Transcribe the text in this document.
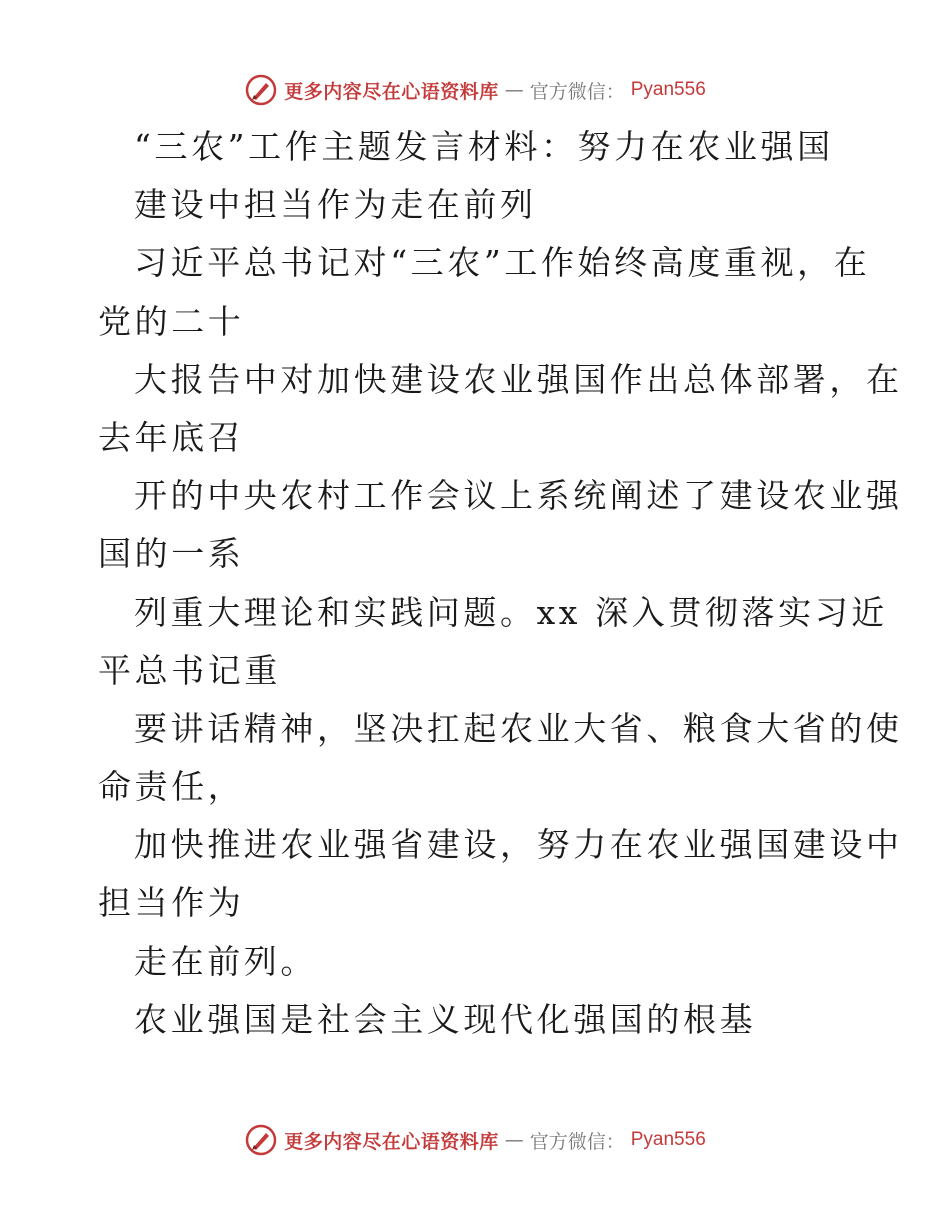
更多内容尽在心语资料库 — 官方微信： Pyan556
“三农”工作主题发言材料：努力在农业强国
建设中担当作为走在前列
习近平总书记对“三农”工作始终高度重视，在
党的二十
大报告中对加快建设农业强国作出总体部署，在
去年底召
开的中央农村工作会议上系统阐述了建设农业强
国的一系
列重大理论和实践问题。xx 深入贯彻落实习近
平总书记重
要讲话精神，坚决扛起农业大省、粮食大省的使
命责任，
加快推进农业强省建设，努力在农业强国建设中
担当作为
走在前列。
农业强国是社会主义现代化强国的根基
更多内容尽在心语资料库 — 官方微信： Pyan556
